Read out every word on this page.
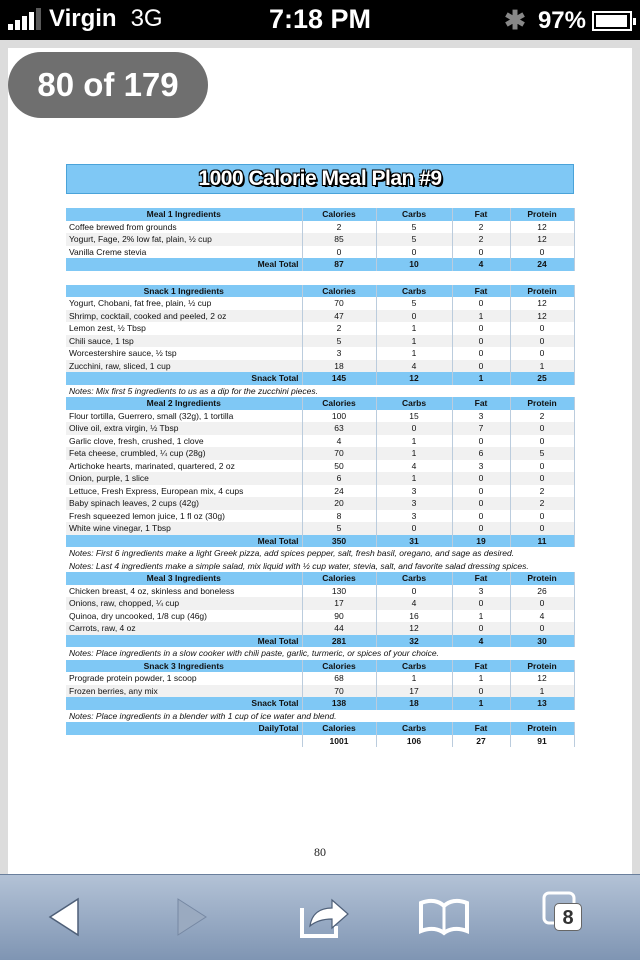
Virgin 3G	7:18 PM	✱ 97%
1000 Calorie Meal Plan #9

Meal 1 Ingredients	Calories	Carbs	Fat	Protein
Coffee brewed from grounds	2	5	2	12
Yogurt, Fage, 2% low fat, plain, ½ cup	85	5	2	12
Vanilla Creme stevia	0	0	0	0
Meal Total	87	10	4	24

Snack 1 Ingredients	Calories	Carbs	Fat	Protein
Yogurt, Chobani, fat free, plain, ½ cup	70	5	0	12
Shrimp, cocktail, cooked and peeled, 2 oz	47	0	1	12
Lemon zest, ½ Tbsp	2	1	0	0
Chili sauce, 1 tsp	5	1	0	0
Worcestershire sauce, ½ tsp	3	1	0	0
Zucchini, raw, sliced, 1 cup	18	4	0	1
Snack Total	145	12	1	25
Notes: Mix first 5 ingredients to us as a dip for the zucchini pieces.				
Meal 2 Ingredients	Calories	Carbs	Fat	Protein
Flour tortilla, Guerrero, small (32g), 1 tortilla	100	15	3	2
Olive oil, extra virgin, ½ Tbsp	63	0	7	0
Garlic clove, fresh, crushed, 1 clove	4	1	0	0
Feta cheese, crumbled, ¼ cup (28g)	70	1	6	5
Artichoke hearts, marinated, quartered, 2 oz	50	4	3	0
Onion, purple, 1 slice	6	1	0	0
Lettuce, Fresh Express, European mix, 4 cups	24	3	0	2
Baby spinach leaves, 2 cups (42g)	20	3	0	2
Fresh squeezed lemon juice, 1 fl oz (30g)	8	3	0	0
White wine vinegar, 1 Tbsp	5	0	0	0
Meal Total	350	31	19	11
Notes: First 6 ingredients make a light Greek pizza, add spices pepper, salt, fresh basil, oregano, and sage as desired.				
Notes: Last 4 ingredients make a simple salad, mix liquid with ½ cup water, stevia, salt, and favorite salad dressing spices.				
Meal 3 Ingredients	Calories	Carbs	Fat	Protein
Chicken breast, 4 oz, skinless and boneless	130	0	3	26
Onions, raw, chopped, ¼ cup	17	4	0	0
Quinoa, dry uncooked, 1/8 cup (46g)	90	16	1	4
Carrots, raw, 4 oz	44	12	0	0
Meal Total	281	32	4	30
Notes: Place ingredients in a slow cooker with chili paste, garlic, turmeric, or spices of your choice.				
Snack 3 Ingredients	Calories	Carbs	Fat	Protein
Prograde protein powder, 1 scoop	68	1	1	12
Frozen berries, any mix	70	17	0	1
Snack Total	138	18	1	13
Notes: Place ingredients in a blender with 1 cup of ice water and blend.				
DailyTotal	Calories	Carbs	Fat	Protein
	1001	106	27	91
80 of 179
80
8
